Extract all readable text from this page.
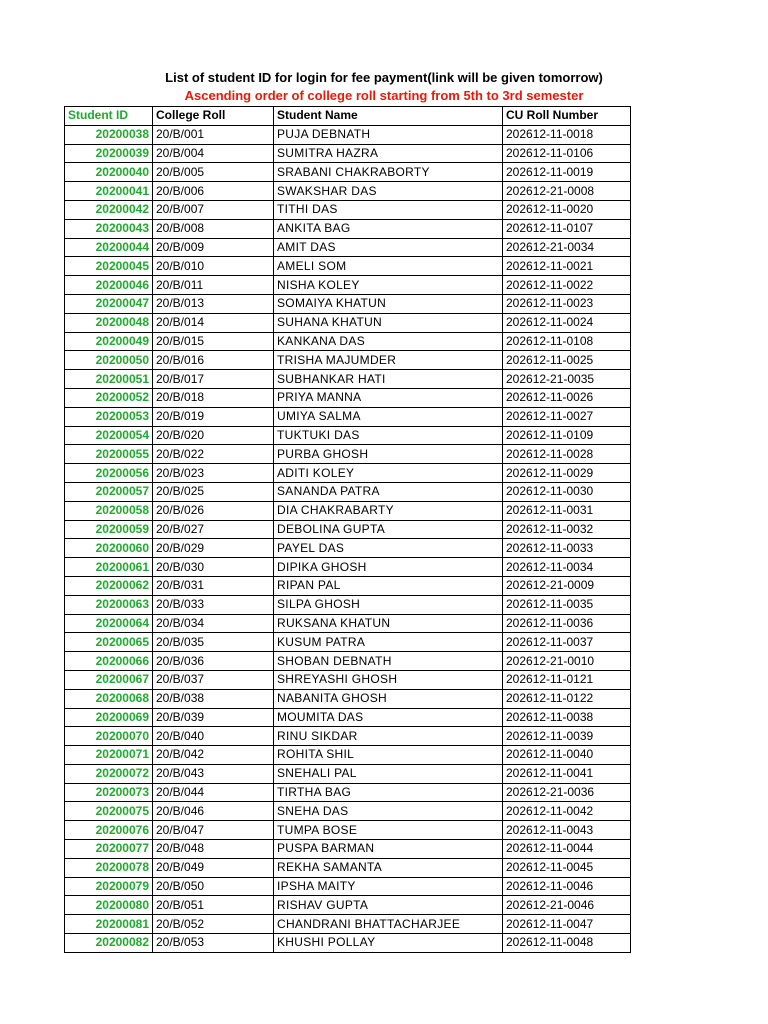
List of student ID for login for fee payment(link will be given tomorrow)
Ascending order of college roll starting from 5th to 3rd semester
Student ID	College Roll	Student Name	CU Roll Number
20200038	20/B/001	PUJA DEBNATH	202612-11-0018
20200039	20/B/004	SUMITRA HAZRA	202612-11-0106
20200040	20/B/005	SRABANI CHAKRABORTY	202612-11-0019
20200041	20/B/006	SWAKSHAR DAS	202612-21-0008
20200042	20/B/007	TITHI DAS	202612-11-0020
20200043	20/B/008	ANKITA BAG	202612-11-0107
20200044	20/B/009	AMIT DAS	202612-21-0034
20200045	20/B/010	AMELI SOM	202612-11-0021
20200046	20/B/011	NISHA KOLEY	202612-11-0022
20200047	20/B/013	SOMAIYA KHATUN	202612-11-0023
20200048	20/B/014	SUHANA KHATUN	202612-11-0024
20200049	20/B/015	KANKANA DAS	202612-11-0108
20200050	20/B/016	TRISHA MAJUMDER	202612-11-0025
20200051	20/B/017	SUBHANKAR HATI	202612-21-0035
20200052	20/B/018	PRIYA MANNA	202612-11-0026
20200053	20/B/019	UMIYA SALMA	202612-11-0027
20200054	20/B/020	TUKTUKI DAS	202612-11-0109
20200055	20/B/022	PURBA GHOSH	202612-11-0028
20200056	20/B/023	ADITI KOLEY	202612-11-0029
20200057	20/B/025	SANANDA PATRA	202612-11-0030
20200058	20/B/026	DIA CHAKRABARTY	202612-11-0031
20200059	20/B/027	DEBOLINA GUPTA	202612-11-0032
20200060	20/B/029	PAYEL DAS	202612-11-0033
20200061	20/B/030	DIPIKA GHOSH	202612-11-0034
20200062	20/B/031	RIPAN PAL	202612-21-0009
20200063	20/B/033	SILPA GHOSH	202612-11-0035
20200064	20/B/034	RUKSANA KHATUN	202612-11-0036
20200065	20/B/035	KUSUM PATRA	202612-11-0037
20200066	20/B/036	SHOBAN DEBNATH	202612-21-0010
20200067	20/B/037	SHREYASHI GHOSH	202612-11-0121
20200068	20/B/038	NABANITA GHOSH	202612-11-0122
20200069	20/B/039	MOUMITA DAS	202612-11-0038
20200070	20/B/040	RINU SIKDAR	202612-11-0039
20200071	20/B/042	ROHITA SHIL	202612-11-0040
20200072	20/B/043	SNEHALI PAL	202612-11-0041
20200073	20/B/044	TIRTHA BAG	202612-21-0036
20200075	20/B/046	SNEHA DAS	202612-11-0042
20200076	20/B/047	TUMPA BOSE	202612-11-0043
20200077	20/B/048	PUSPA BARMAN	202612-11-0044
20200078	20/B/049	REKHA SAMANTA	202612-11-0045
20200079	20/B/050	IPSHA MAITY	202612-11-0046
20200080	20/B/051	RISHAV GUPTA	202612-21-0046
20200081	20/B/052	CHANDRANI BHATTACHARJEE	202612-11-0047
20200082	20/B/053	KHUSHI POLLAY	202612-11-0048
